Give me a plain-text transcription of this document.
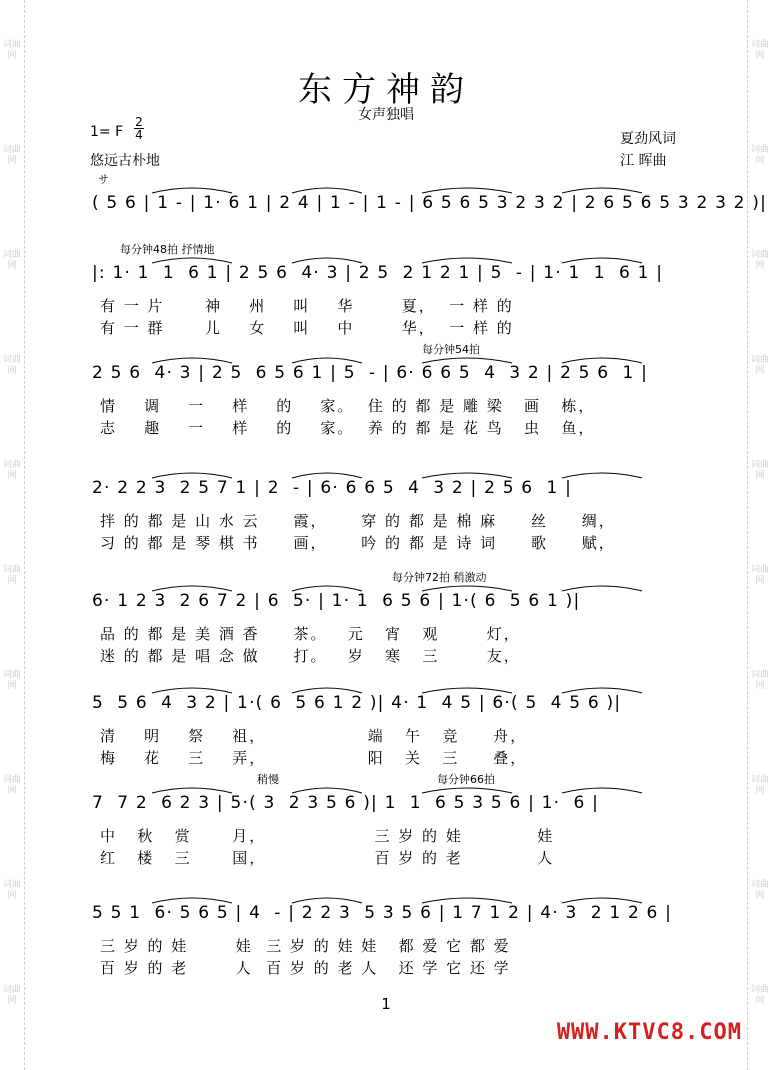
词曲网
词曲网
词曲网
词曲网
词曲网
词曲网
词曲网
词曲网
词曲网
词曲网
词曲网
词曲网
词曲网
词曲网
词曲网
词曲网
词曲网
词曲网
词曲网
词曲网
东方神韵
女声独唱
1= F
2
4
悠远古朴地
夏劲风词
江 晖曲
サ
( 5 6 | 1 - | 1· 6 1 | 2 4 | 1 - | 1 - | 6 5 6 5 3 2 3 2 | 2 6 5 6 5 3 2 3 2 )|
每分钟48拍 抒情地
|: 1· 1  1  6 1 | 2 5 6  4· 3 | 2 5  2 1 2 1 | 5  - | 1· 1  1  6 1 |
有 一 片      神    州    叫    华       夏，  一 样 的
有 一 群      儿    女    叫    中       华，  一 样 的
每分钟54拍
2 5 6  4· 3 | 2 5  6 5 6 1 | 5  - | 6· 6 6 5  4  3 2 | 2 5 6  1 |
情    调    一    样    的    家。  住 的 都 是 雕 梁   画   栋，
志    趣    一    样    的    家。  养 的 都 是 花 鸟   虫   鱼，
2· 2 2 3  2 5 7 1 | 2  - | 6· 6 6 5  4  3 2 | 2 5 6  1 |
拌 的 都 是 山 水 云     霞，     穿 的 都 是 棉 麻     丝     绸，
习 的 都 是 琴 棋 书     画，     吟 的 都 是 诗 词     歌     赋，
每分钟72拍 稍激动
6· 1 2 3  2 6 7 2 | 6  5· | 1· 1  6 5 6 | 1·( 6  5 6 1 )|
品 的 都 是 美 酒 香     茶。   元   宵   观       灯，
迷 的 都 是 唱 念 做     打。   岁   寒   三       友，
5  5 6  4  3 2 | 1·( 6  5 6 1 2 )| 4· 1  4 5 | 6·( 5  4 5 6 )|
清    明    祭    祖，               端   午   竞     舟，
梅    花    三    弄，               阳   关   三     叠，
稍慢	每分钟66拍
7  7 2  6 2 3 | 5·( 3  2 3 5 6 )| 1  1  6 5 3 5 6 | 1·  6 |
中   秋   赏      月，                三 岁 的 娃           娃
红   楼   三      国，                百 岁 的 老           人
5 5 1  6· 5 6 5 | 4  - | 2 2 3  5 3 5 6 | 1 7 1 2 | 4· 3  2 1 2 6 |
三 岁 的 娃       娃  三 岁 的 娃 娃   都 爱 它 都 爱
百 岁 的 老       人  百 岁 的 老 人   还 学 它 还 学
1
WWW.KTVC8.COM
